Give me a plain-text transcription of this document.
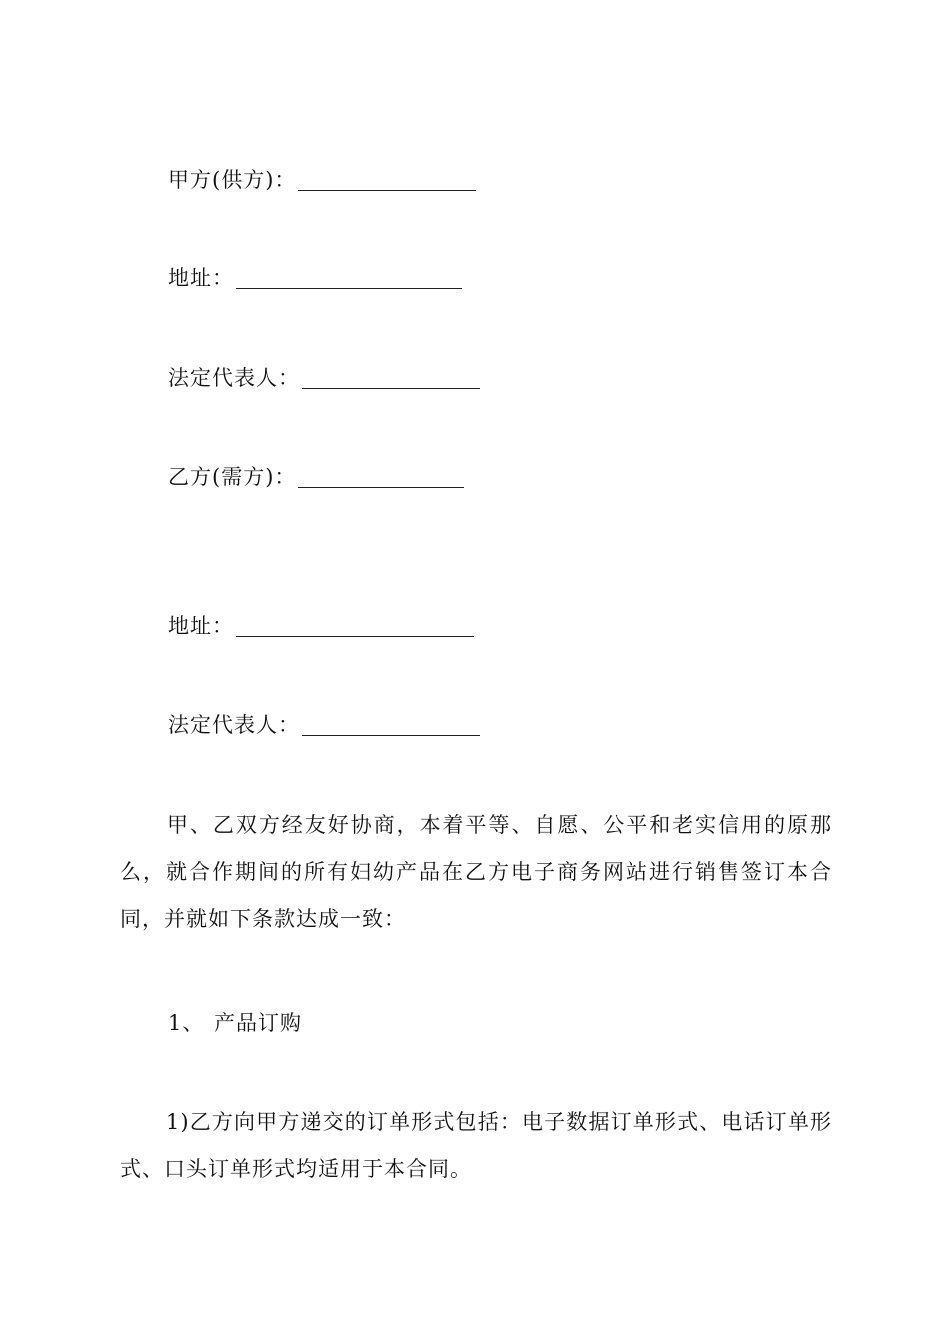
甲方(供方)：
地址：
法定代表人：
乙方(需方)：
地址：
法定代表人：
甲、乙双方经友好协商，本着平等、自愿、公平和老实信用的原那么，就合作期间的所有妇幼产品在乙方电子商务网站进行销售签订本合同，并就如下条款达成一致：
1、 产品订购
1)乙方向甲方递交的订单形式包括：电子数据订单形式、电话订单形式、口头订单形式均适用于本合同。
